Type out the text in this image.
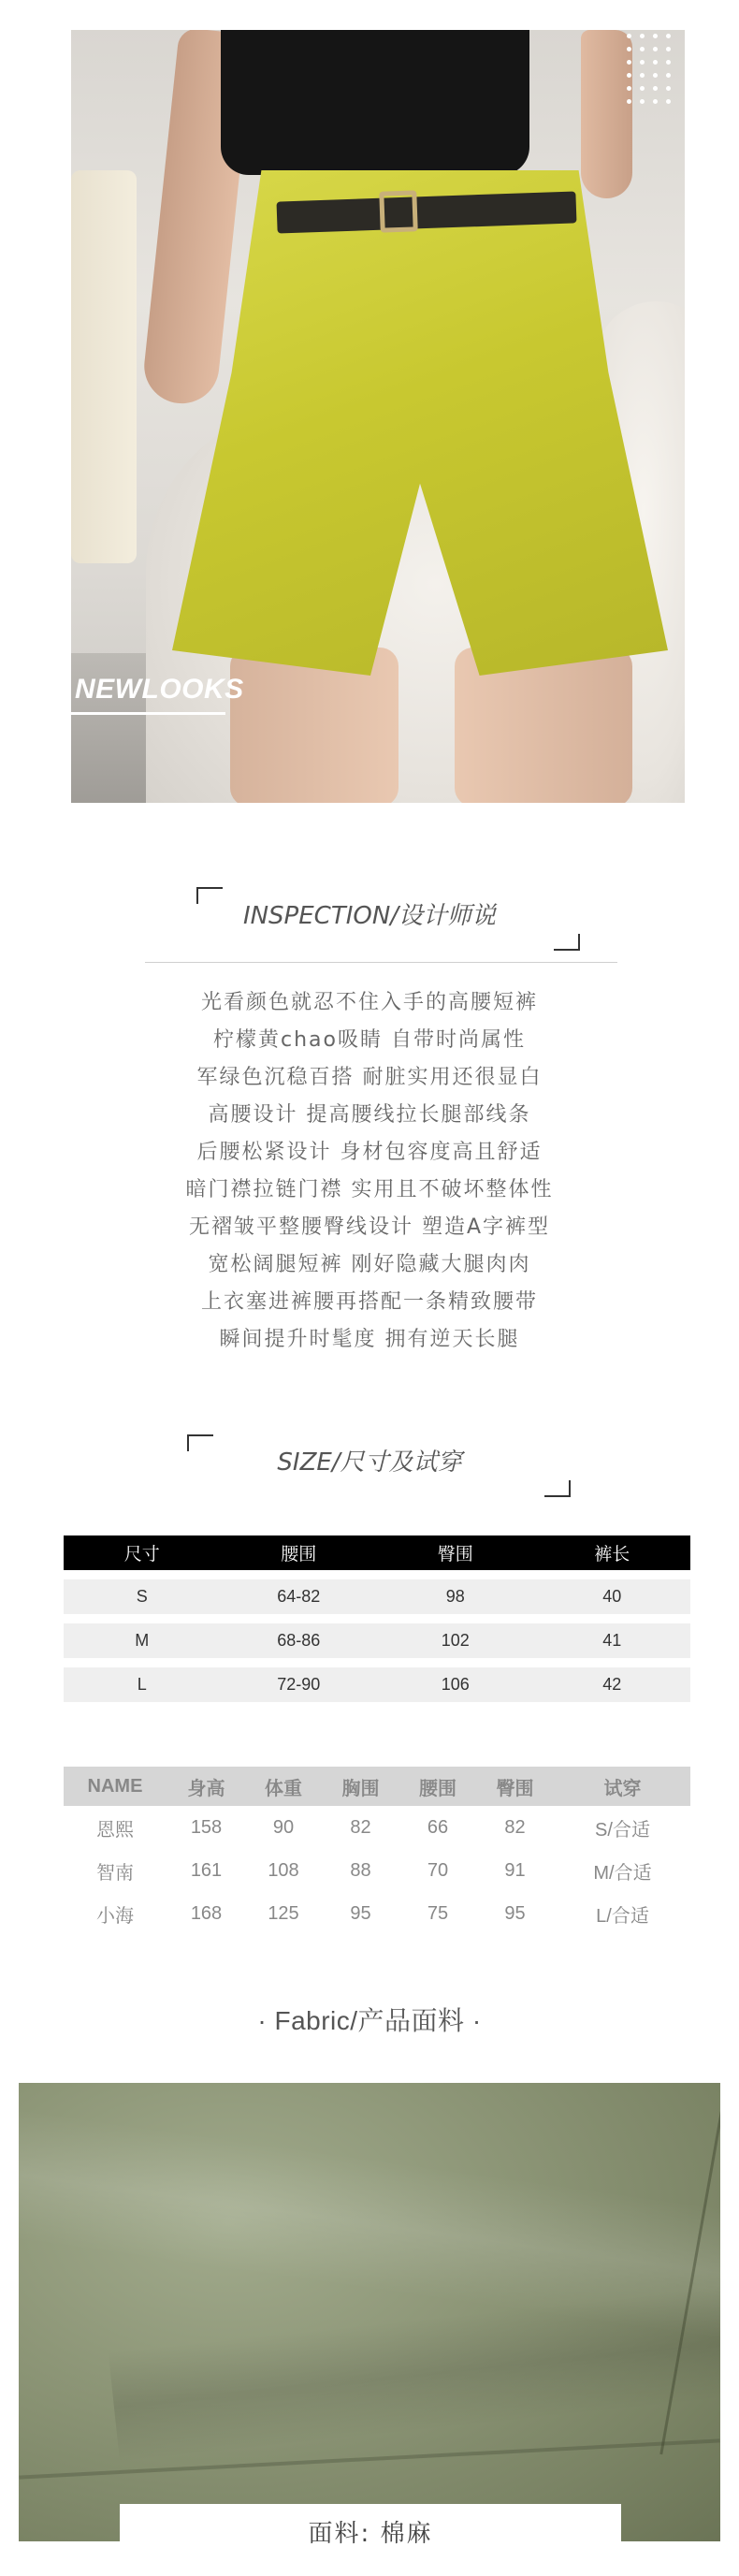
NEWLOOKS
INSPECTION/设计师说

光看颜色就忍不住入手的高腰短裤

柠檬黄chao吸睛 自带时尚属性

军绿色沉稳百搭 耐脏实用还很显白

高腰设计 提高腰线拉长腿部线条

后腰松紧设计 身材包容度高且舒适

暗门襟拉链门襟 实用且不破坏整体性

无褶皱平整腰臀线设计 塑造A字裤型

宽松阔腿短裤 刚好隐藏大腿肉肉

上衣塞进裤腰再搭配一条精致腰带

瞬间提升时髦度 拥有逆天长腿

SIZE/尺寸及试穿
尺寸	腰围	臀围	裤长
S	64-82	98	40
M	68-86	102	41
L	72-90	106	42
NAME	身高	体重	胸围	腰围	臀围	试穿
恩熙	158	90	82	66	82	S/合适
智南	161	108	88	70	91	M/合适
小海	168	125	95	75	95	L/合适
· Fabric/产品面料 ·
面料: 棉麻
